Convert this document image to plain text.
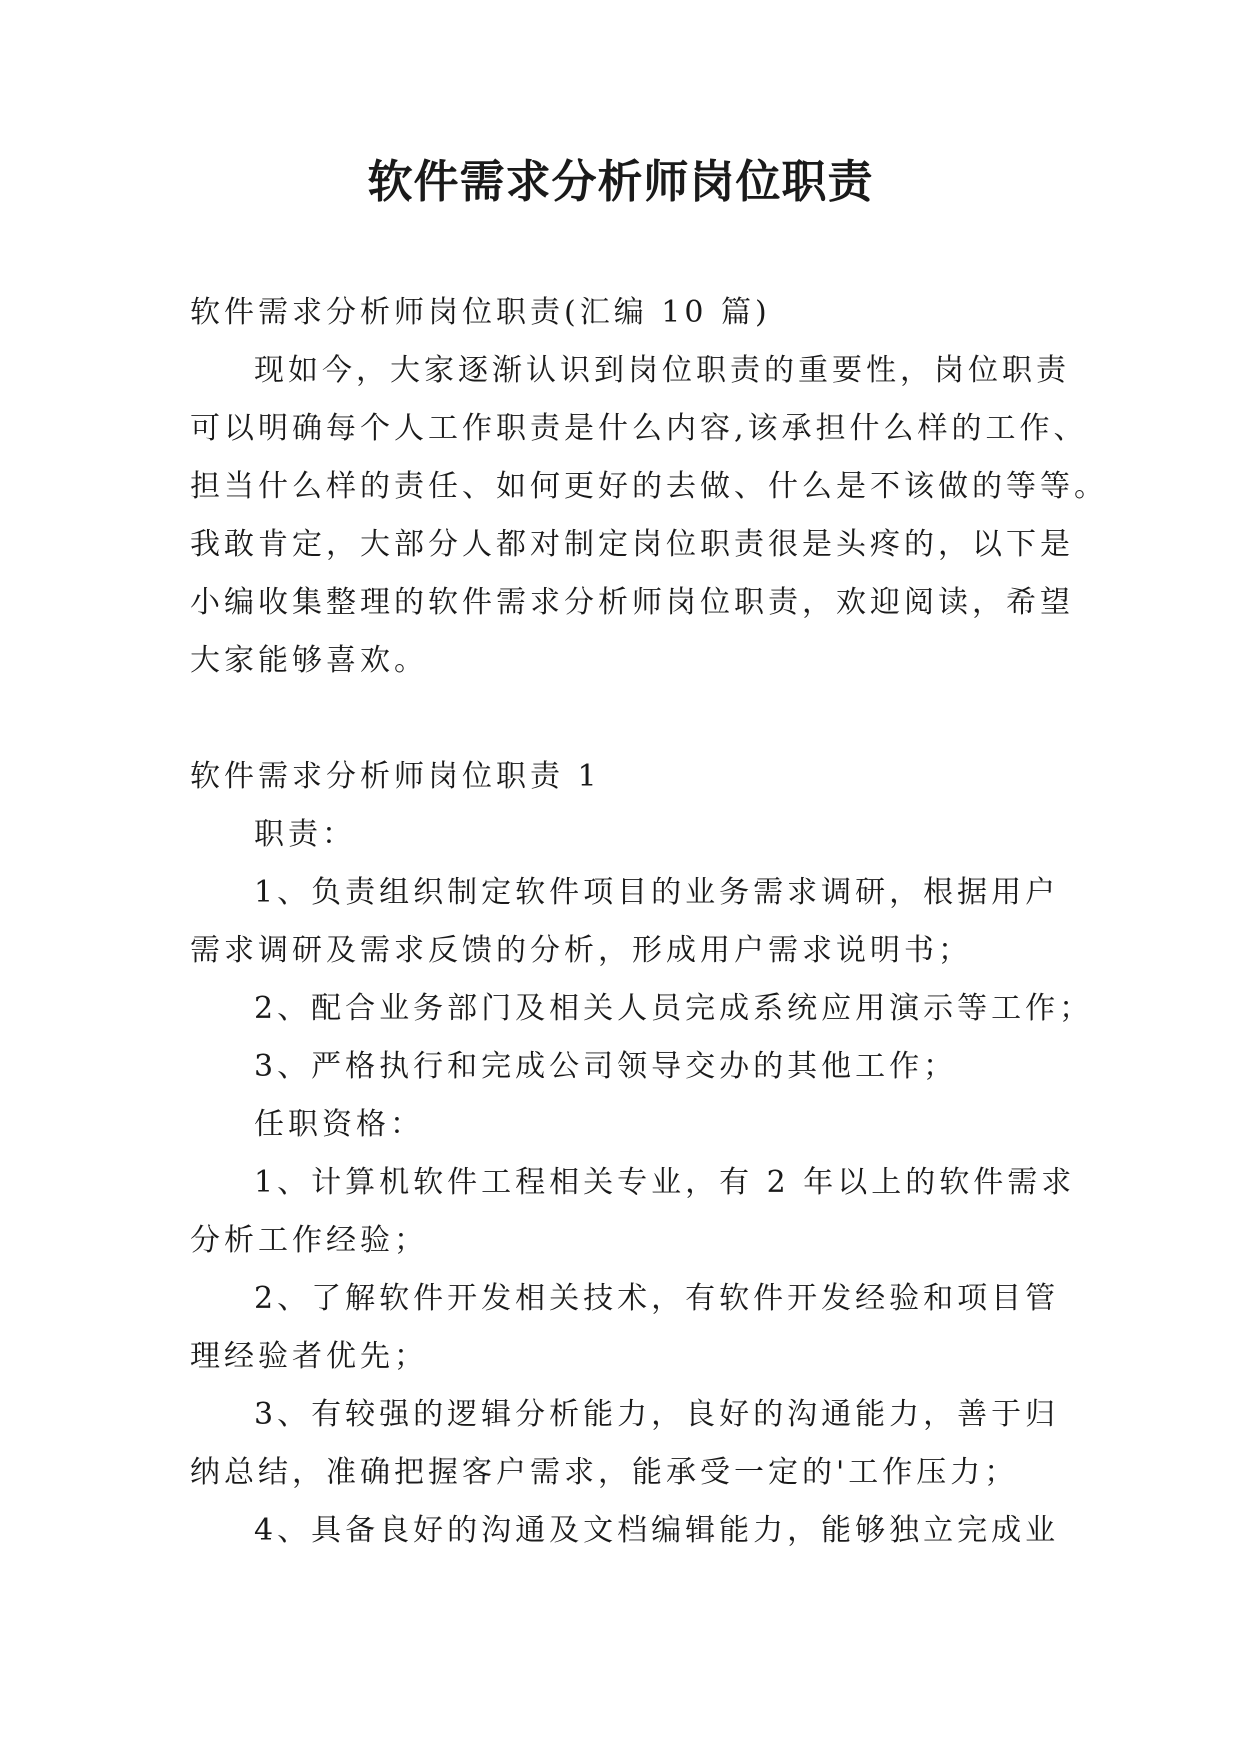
软件需求分析师岗位职责

软件需求分析师岗位职责(汇编 10 篇)

现如今，大家逐渐认识到岗位职责的重要性，岗位职责

可以明确每个人工作职责是什么内容,该承担什么样的工作、

担当什么样的责任、如何更好的去做、什么是不该做的等等。

我敢肯定，大部分人都对制定岗位职责很是头疼的，以下是

小编收集整理的软件需求分析师岗位职责，欢迎阅读，希望

大家能够喜欢。

软件需求分析师岗位职责 1

职责：

1、负责组织制定软件项目的业务需求调研，根据用户

需求调研及需求反馈的分析，形成用户需求说明书；

2、配合业务部门及相关人员完成系统应用演示等工作；

3、严格执行和完成公司领导交办的其他工作；

任职资格：

1、计算机软件工程相关专业，有 2 年以上的软件需求

分析工作经验；

2、了解软件开发相关技术，有软件开发经验和项目管

理经验者优先；

3、有较强的逻辑分析能力，良好的沟通能力，善于归

纳总结，准确把握客户需求，能承受一定的'工作压力；

4、具备良好的沟通及文档编辑能力，能够独立完成业
